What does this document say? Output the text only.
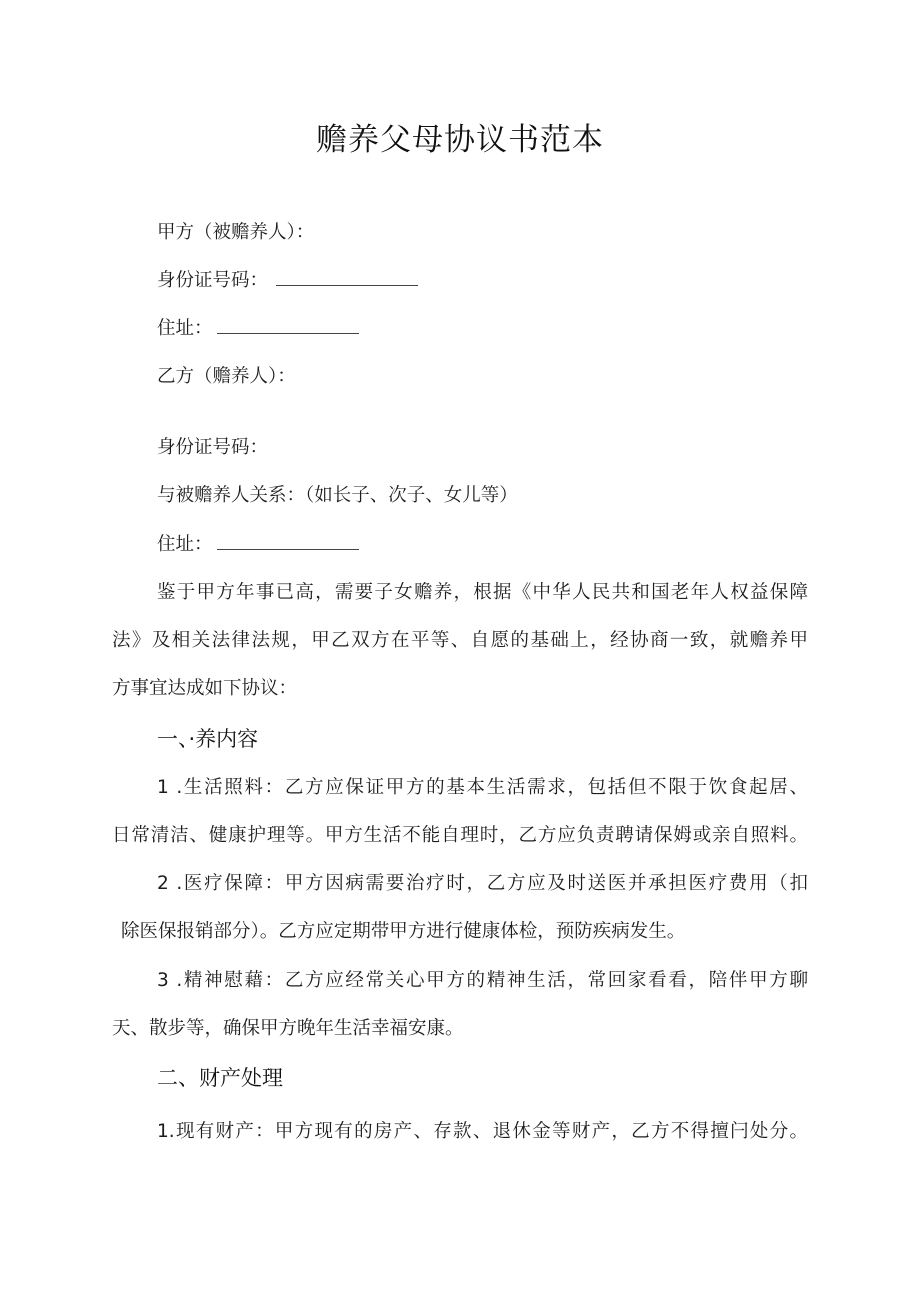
赡养父母协议书范本
甲方（被赡养人）：
身份证号码：
住址：
乙方（赡养人）：
身份证号码：
与被赡养人关系：（如长子、次子、女儿等）
住址：
鉴于甲方年事已高，需要子女赡养，根据《中华人民共和国老年人权益保障
法》及相关法律法规，甲乙双方在平等、自愿的基础上，经协商一致，就赡养甲
方事宜达成如下协议：
一、·养内容
1 .生活照料：乙方应保证甲方的基本生活需求，包括但不限于饮食起居、
日常清洁、健康护理等。甲方生活不能自理时，乙方应负责聘请保姆或亲自照料。
2 .医疗保障：甲方因病需要治疗时，乙方应及时送医并承担医疗费用（扣
除医保报销部分）。乙方应定期带甲方进行健康体检，预防疾病发生。
3 .精神慰藉：乙方应经常关心甲方的精神生活，常回家看看，陪伴甲方聊
天、散步等，确保甲方晚年生活幸福安康。
二、财产处理
1.现有财产：甲方现有的房产、存款、退休金等财产，乙方不得擅闩处分。
